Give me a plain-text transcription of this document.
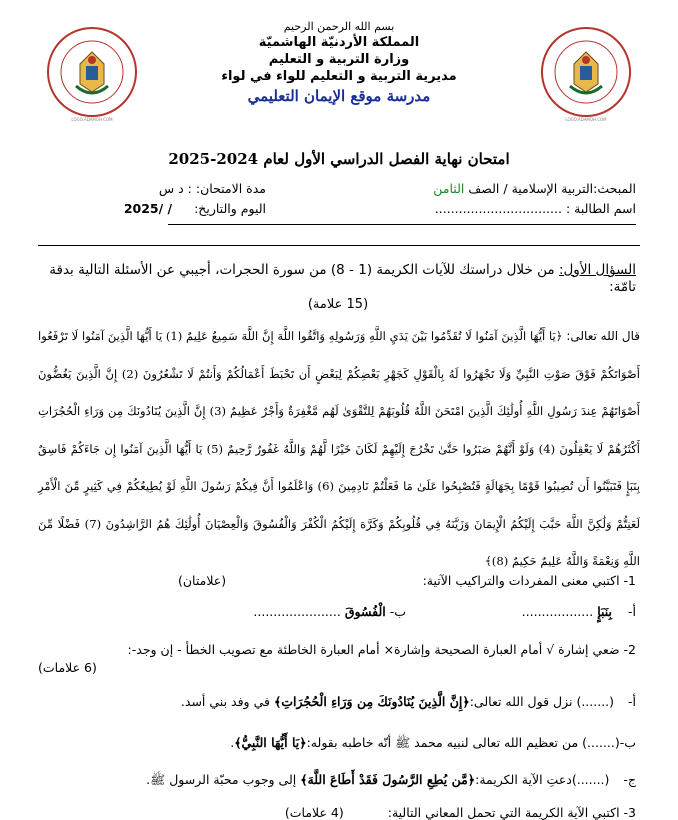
LOGO.ADAMOH.COM
LOGO.ADAMOH.COM
بسم الله الرحمن الرحيم
المملكة الأردنيّة الهاشميّة
وزارة التربية و التعليم
مديرية التربية و التعليم للواء في لواء
مدرسة موقع الإيمان التعليمي
امتحان نهاية الفصل الدراسي الأول لعام 2024-2025
المبحث:التربية الإسلامية / الصف الثامن
مدة الامتحان: : د س
اسم الطالبة : ................................
اليوم والتاريخ: / /2025
السؤال الأول: من خلال دراستك للآيات الكريمة (1 - 8) من سورة الحجرات، أجيبي عن الأسئلة التالية بدقة تامّة:
(15 علامة)
قال الله تعالى: ﴿يَا أَيُّهَا الَّذِينَ آمَنُوا لَا تُقَدِّمُوا بَيْنَ يَدَيِ اللَّهِ وَرَسُولِهِ وَاتَّقُوا اللَّهَ إِنَّ اللَّهَ سَمِيعٌ عَلِيمٌ (1) يَا أَيُّهَا الَّذِينَ آمَنُوا لَا تَرْفَعُوا أَصْوَاتَكُمْ فَوْقَ صَوْتِ النَّبِيِّ وَلَا تَجْهَرُوا لَهُ بِالْقَوْلِ كَجَهْرِ بَعْضِكُمْ لِبَعْضٍ أَن تَحْبَطَ أَعْمَالُكُمْ وَأَنتُمْ لَا تَشْعُرُونَ (2) إِنَّ الَّذِينَ يَغُضُّونَ أَصْوَاتَهُمْ عِندَ رَسُولِ اللَّهِ أُولَٰئِكَ الَّذِينَ امْتَحَنَ اللَّهُ قُلُوبَهُمْ لِلتَّقْوَىٰ لَهُم مَّغْفِرَةٌ وَأَجْرٌ عَظِيمٌ (3) إِنَّ الَّذِينَ يُنَادُونَكَ مِن وَرَاءِ الْحُجُرَاتِ أَكْثَرُهُمْ لَا يَعْقِلُونَ (4) وَلَوْ أَنَّهُمْ صَبَرُوا حَتَّىٰ تَخْرُجَ إِلَيْهِمْ لَكَانَ خَيْرًا لَّهُمْ وَاللَّهُ غَفُورٌ رَّحِيمٌ (5) يَا أَيُّهَا الَّذِينَ آمَنُوا إِن جَاءَكُمْ فَاسِقٌ بِنَبَإٍ فَتَبَيَّنُوا أَن تُصِيبُوا قَوْمًا بِجَهَالَةٍ فَتُصْبِحُوا عَلَىٰ مَا فَعَلْتُمْ نَادِمِينَ (6) وَاعْلَمُوا أَنَّ فِيكُمْ رَسُولَ اللَّهِ لَوْ يُطِيعُكُمْ فِي كَثِيرٍ مِّنَ الْأَمْرِ لَعَنِتُّمْ وَلَٰكِنَّ اللَّهَ حَبَّبَ إِلَيْكُمُ الْإِيمَانَ وَزَيَّنَهُ فِي قُلُوبِكُمْ وَكَرَّهَ إِلَيْكُمُ الْكُفْرَ وَالْفُسُوقَ وَالْعِصْيَانَ أُولَٰئِكَ هُمُ الرَّاشِدُونَ (7) فَضْلًا مِّنَ اللَّهِ وَنِعْمَةً وَاللَّهُ عَلِيمٌ حَكِيمٌ (8)﴾
1- اكتبي معنى المفردات والتراكيب الآتية:
(علامتان)
أ- بِنَبَإٍ ..................
ب- الْفُسُوقَ ......................
2- ضعي إشارة √ أمام العبارة الصحيحة وإشارة× أمام العبارة الخاطئة مع تصويب الخطأ - إن وجد-:

(6 علامات)
أ- (.......) نزل قول الله تعالى:﴿إِنَّ الَّذِينَ يُنَادُونَكَ مِن وَرَاءِ الْحُجُرَاتِ﴾ في وفد بني أسد.
ب-(.......) من تعظيم الله تعالى لنبيه محمد ﷺ أنّه خاطبه بقوله:﴿يَا أَيُّهَا النَّبِيُّ﴾.
ج- (.......)دعتِ الآية الكريمة:﴿مَّن يُطِعِ الرَّسُولَ فَقَدْ أَطَاعَ اللَّهَ﴾ إلى وجوب محبّة الرسول ﷺ.
3- اكتبي الآية الكريمة التي تحمل المعاني التالية: (4 علامات)
